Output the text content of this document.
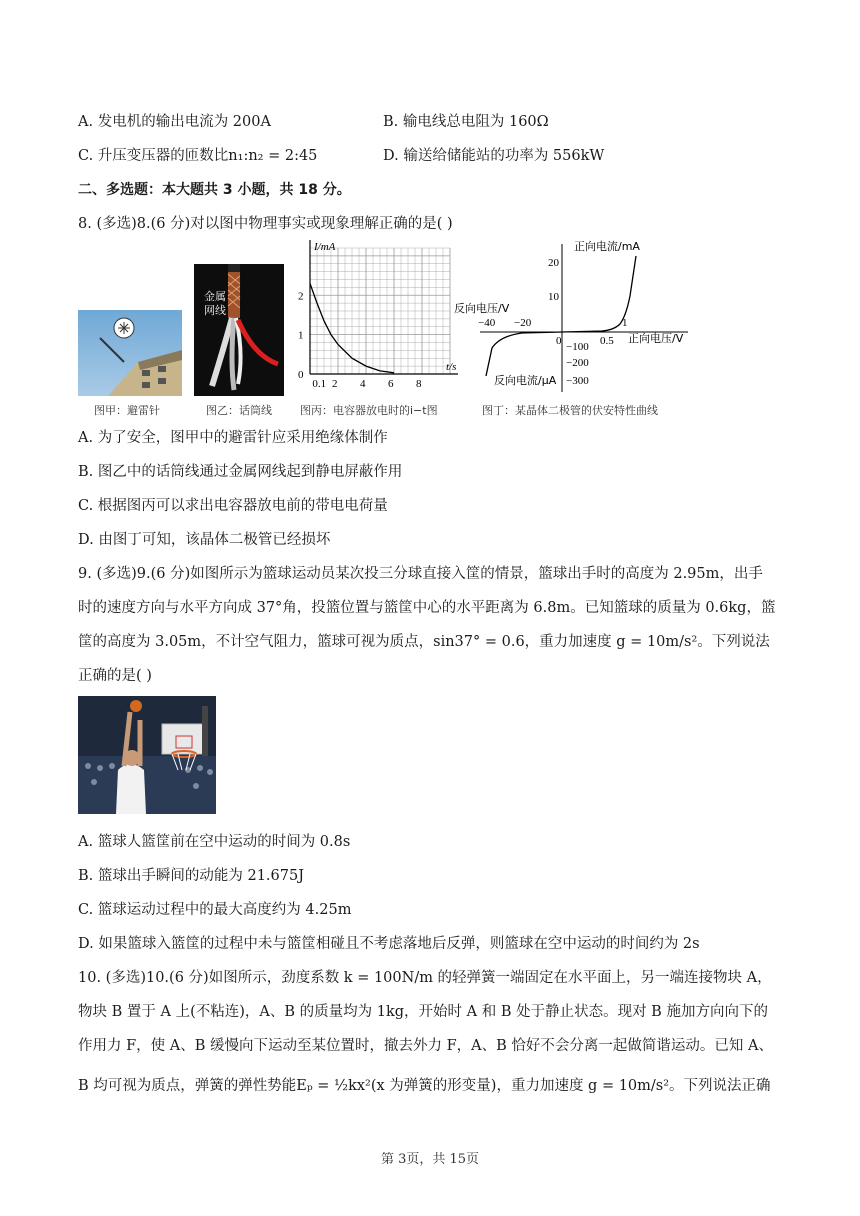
A. 发电机的输出电流为 200A	B. 输电线总电阻为 160Ω
C. 升压变压器的匝数比n₁:n₂ = 2:45	D. 输送给储能站的功率为 556kW
二、多选题：本大题共 3 小题，共 18 分。
8. (多选)8.(6 分)对以图中物理事实或现象理解正确的是( )
图甲：避雷针
金属
网线
图乙：话筒线
I/mA
t/s
0.1 2 4 6 8
0
1
2
图丙：电容器放电时的i−t图
正向电流/mA
正向电压/V
反向电压/V
反向电流/μA
−40 −20
0	0.5
1
20
10
−100
−200
−300
图丁：某晶体二极管的伏安特性曲线
A. 为了安全，图甲中的避雷针应采用绝缘体制作
B. 图乙中的话筒线通过金属网线起到静电屏蔽作用
C. 根据图丙可以求出电容器放电前的带电电荷量
D. 由图丁可知，该晶体二极管已经损坏
9. (多选)9.(6 分)如图所示为篮球运动员某次投三分球直接入筐的情景，篮球出手时的高度为 2.95m，出手
时的速度方向与水平方向成 37°角，投篮位置与篮筐中心的水平距离为 6.8m。已知篮球的质量为 0.6kg，篮
筐的高度为 3.05m，不计空气阻力，篮球可视为质点，sin37° = 0.6，重力加速度 g = 10m/s²。下列说法
正确的是( )
A. 篮球人篮筐前在空中运动的时间为 0.8s
B. 篮球出手瞬间的动能为 21.675J
C. 篮球运动过程中的最大高度约为 4.25m
D. 如果篮球入篮筐的过程中未与篮筐相碰且不考虑落地后反弹，则篮球在空中运动的时间约为 2s
10. (多选)10.(6 分)如图所示，劲度系数 k = 100N/m 的轻弹簧一端固定在水平面上，另一端连接物块 A，
物块 B 置于 A 上(不粘连)，A、B 的质量均为 1kg，开始时 A 和 B 处于静止状态。现对 B 施加方向向下的
作用力 F，使 A、B 缓慢向下运动至某位置时，撤去外力 F，A、B 恰好不会分离一起做简谐运动。已知 A、
B 均可视为质点，弹簧的弹性势能Eₚ = ½kx²(x 为弹簧的形变量)，重力加速度 g = 10m/s²。下列说法正确
第 3页，共 15页
